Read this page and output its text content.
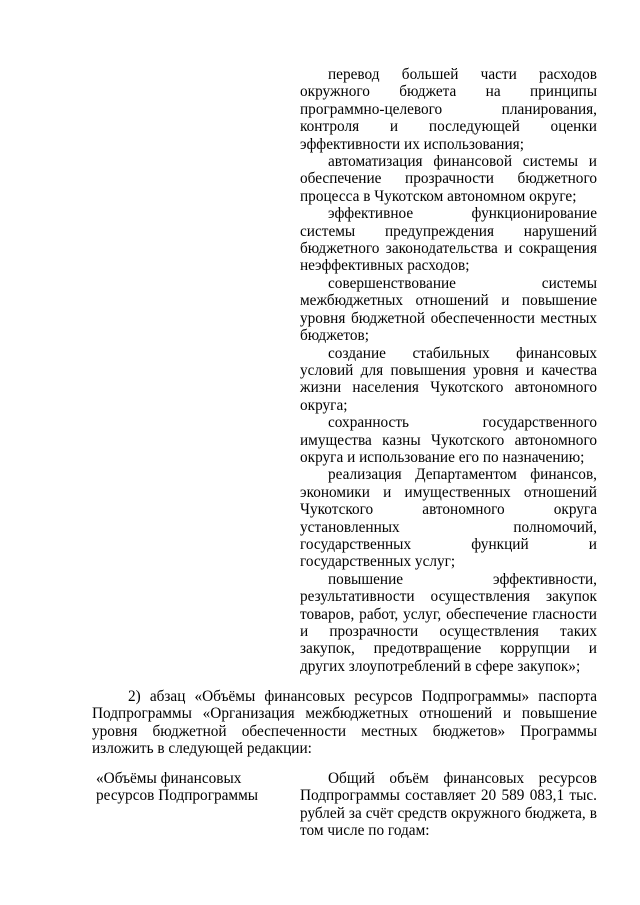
перевод большей части расходов окружного бюджета на принципы программно-целевого планирования, контроля и последующей оценки эффективности их использования;

автоматизация финансовой системы и обеспечение прозрачности бюджетного процесса в Чукотском автономном округе;

эффективное функционирование системы предупреждения нарушений бюджетного законодательства и сокращения неэффективных расходов;

совершенствование системы межбюджетных отношений и повышение уровня бюджетной обеспеченности местных бюджетов;

создание стабильных финансовых условий для повышения уровня и качества жизни населения Чукотского автономного округа;

сохранность государственного имущества казны Чукотского автономного округа и использование его по назначению;

реализация Департаментом финансов, экономики и имущественных отношений Чукотского автономного округа установленных полномочий, государственных функций и государственных услуг;

повышение эффективности, результативности осуществления закупок товаров, работ, услуг, обеспечение гласности и прозрачности осуществления таких закупок, предотвращение коррупции и других злоупотреблений в сфере закупок»;

2) абзац «Объёмы финансовых ресурсов Подпрограммы» паспорта Подпрограммы «Организация межбюджетных отношений и повышение уровня бюджетной обеспеченности местных бюджетов» Программы изложить в следующей редакции:

«Объёмы финансовых ресурсов Подпрограммы
Общий объём финансовых ресурсов Подпрограммы составляет 20 589 083,1 тыс. рублей за счёт средств окружного бюджета, в том числе по годам:
